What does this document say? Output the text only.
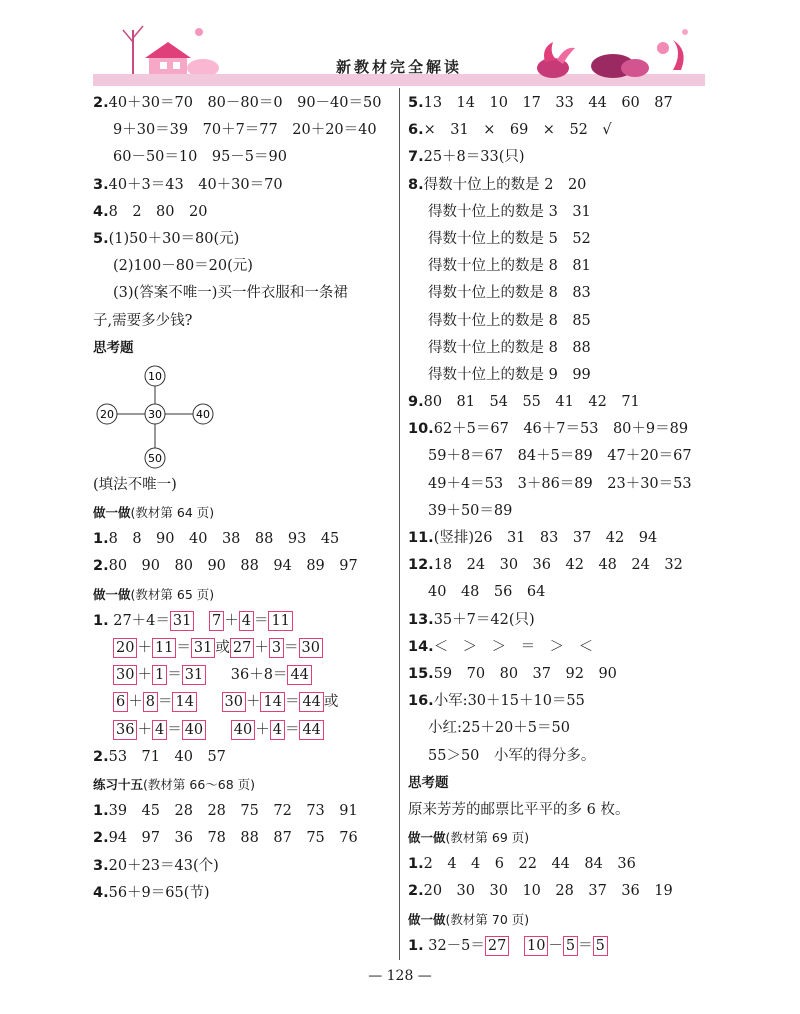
新教材完全解读
2.40＋30＝70　80－80＝0　90－40＝50
9＋30＝39　70＋7＝77　20＋20＝40
60－50＝10　95－5＝90
3.40＋3＝43　40＋30＝70
4.8　2　80　20
5.(1)50＋30＝80(元)
(2)100－80＝20(元)
(3)(答案不唯一)买一件衣服和一条裙
子,需要多少钱?
思考题
10
20	30	40
50
(填法不唯一)
做一做(教材第 64 页)
1.8　8　90　40　38　88　93　45
2.80　90　80　90　88　94　89　97
做一做(教材第 65 页)
1. 27＋4＝ 31 7 ＋ 4 ＝ 11
20 ＋ 11 ＝ 31 或 27 ＋ 3 ＝ 30
30 ＋ 1 ＝ 31 36＋8＝ 44
6 ＋ 8 ＝ 14 30 ＋ 14 ＝ 44 或
36 ＋ 4 ＝ 40 40 ＋ 4 ＝ 44
2.53　71　40　57
练习十五(教材第 66～68 页)
1.39　45　28　28　75　72　73　91
2.94　97　36　78　88　87　75　76
3.20＋23＝43(个)
4.56＋9＝65(节)
5.13　14　10　17　33　44　60　87
6.×　31　×　69　×　52　√
7.25＋8＝33(只)
8.得数十位上的数是 2　20
得数十位上的数是 3　31
得数十位上的数是 5　52
得数十位上的数是 8　81
得数十位上的数是 8　83
得数十位上的数是 8　85
得数十位上的数是 8　88
得数十位上的数是 9　99
9.80　81　54　55　41　42　71
10.62＋5＝67　46＋7＝53　80＋9＝89
59＋8＝67　84＋5＝89　47＋20＝67
49＋4＝53　3＋86＝89　23＋30＝53
39＋50＝89
11.(竖排)26　31　83　37　42　94
12.18　24　30　36　42　48　24　32
40　48　56　64
13.35＋7＝42(只)
14.＜　＞　＞　＝　＞　＜
15.59　70　80　37　92　90
16.小军:30＋15＋10＝55
小红:25＋20＋5＝50
55＞50　小军的得分多。
思考题
原来芳芳的邮票比平平的多 6 枚。
做一做(教材第 69 页)
1.2　4　4　6　22　44　84　36
2.20　30　30　10　28　37　36　19
做一做(教材第 70 页)
1. 32－5＝ 27 10 － 5 ＝ 5
— 128 —
